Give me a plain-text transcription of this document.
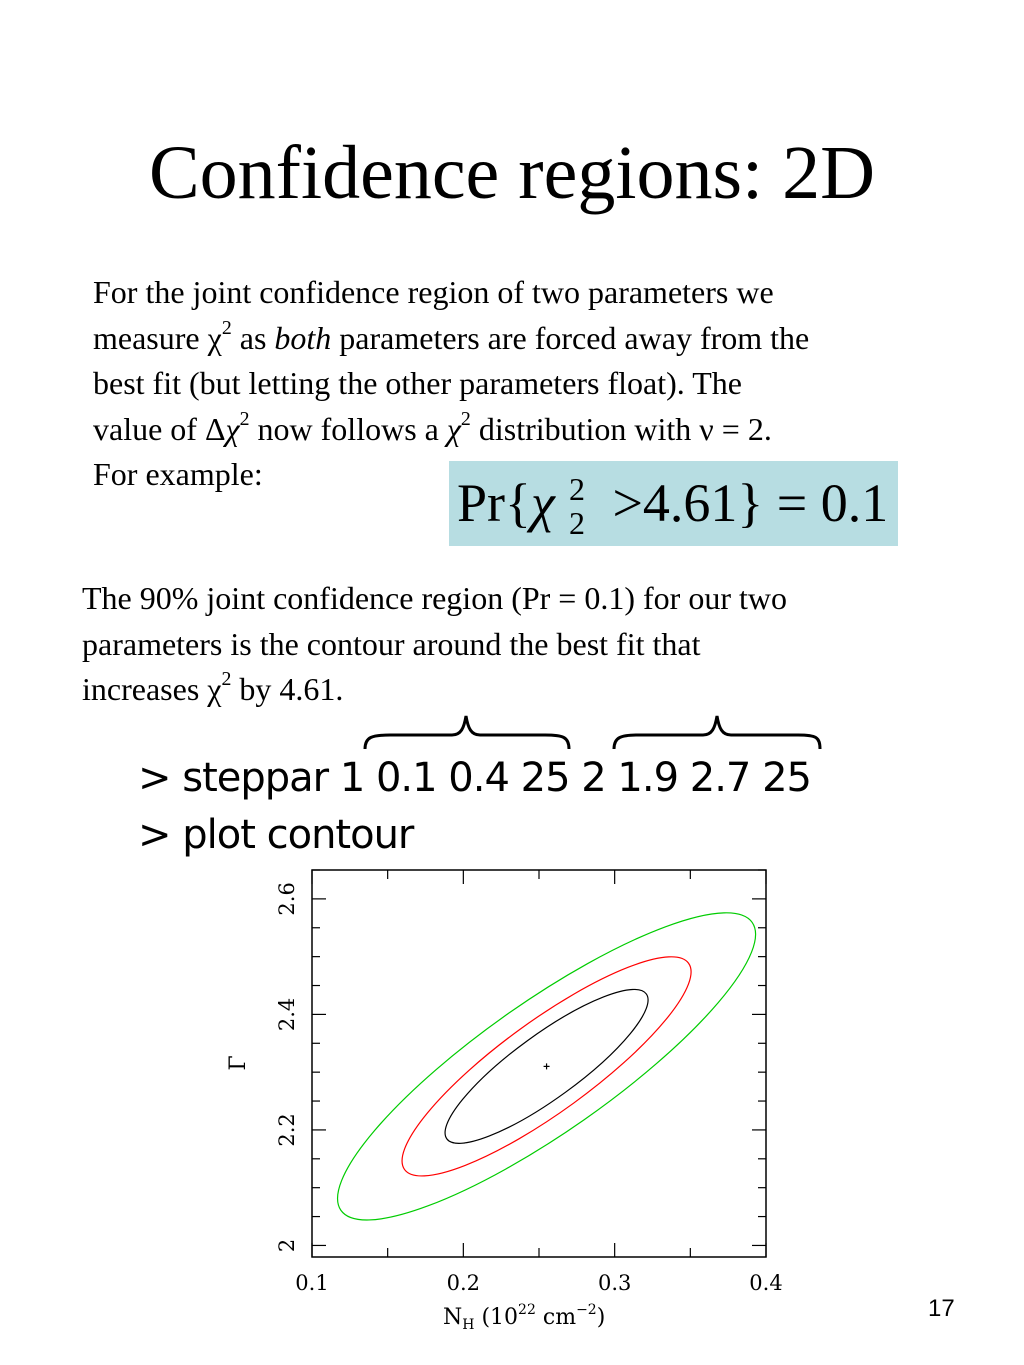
Confidence regions: 2D
For the joint confidence region of two parameters we
measure $\chi^2$ as both parameters are forced away from the
best fit (but letting the other parameters float). The
value of $\Delta\chi^2$ now follows a $\chi^2$ distribution with ν = 2.
For example:	Pr{ χ 2
2 >4.61} = 0.1
The 90% joint confidence region (Pr = 0.1) for our two
parameters is the contour around the best fit that
increases $\chi^2$ by 4.61.
> steppar 1 0.1 0.4 25 2 1.9 2.7 25
> plot contour
0.1	0.2	0.3	0.4
2
2.2
2.4
2.6
Γ
$N_H$ ($10^{22}$ $cm^{-2}$)	17
